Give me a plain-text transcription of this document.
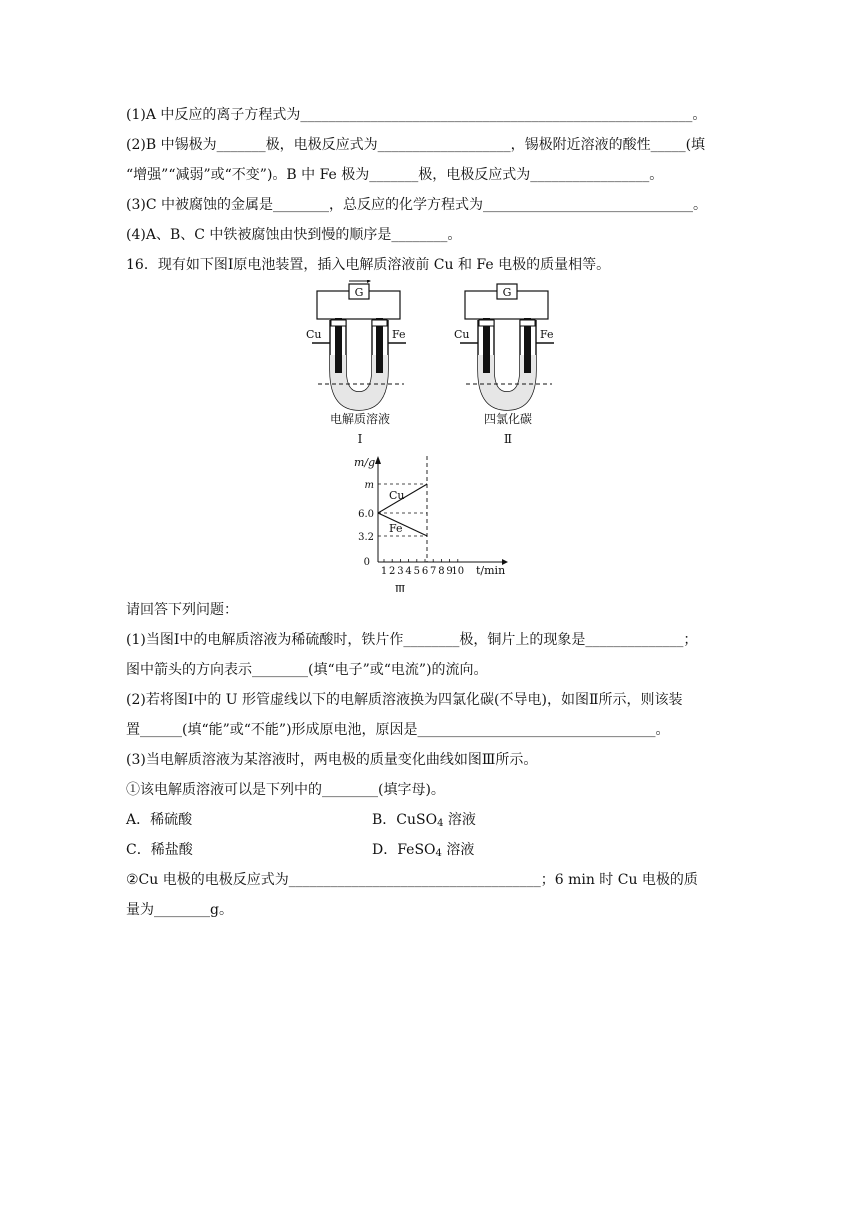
(1)A 中反应的离子方程式为________________________________________________________。
(2)B 中锡极为_______极，电极反应式为___________________，锡极附近溶液的酸性_____(填
“增强”“减弱”或“不变”)。B 中 Fe 极为_______极，电极反应式为_________________。
(3)C 中被腐蚀的金属是________，总反应的化学方程式为______________________________。
(4)A、B、C 中铁被腐蚀由快到慢的顺序是________。
16．现有如下图Ⅰ原电池装置，插入电解质溶液前 Cu 和 Fe 电极的质量相等。
G
Cu	Fe
电解质溶液
Ⅰ
G
Cu	Fe
四氯化碳
Ⅱ
m/g
t/min
0
1 2 3 4 5 6 7 8 9
10
3.2
6.0
m
Cu
Fe
Ⅲ
请回答下列问题：
(1)当图Ⅰ中的电解质溶液为稀硫酸时，铁片作________极，铜片上的现象是______________；
图中箭头的方向表示________(填“电子”或“电流”)的流向。
(2)若将图Ⅰ中的 U 形管虚线以下的电解质溶液换为四氯化碳(不导电)，如图Ⅱ所示，则该装
置______(填“能”或“不能”)形成原电池，原因是__________________________________。
(3)当电解质溶液为某溶液时，两电极的质量变化曲线如图Ⅲ所示。
①该电解质溶液可以是下列中的________(填字母)。
A．稀硫酸	B．CuSO$_4$ 溶液
C．稀盐酸	D．FeSO$_4$ 溶液
②Cu 电极的电极反应式为____________________________________；6 min 时 Cu 电极的质
量为________g。
